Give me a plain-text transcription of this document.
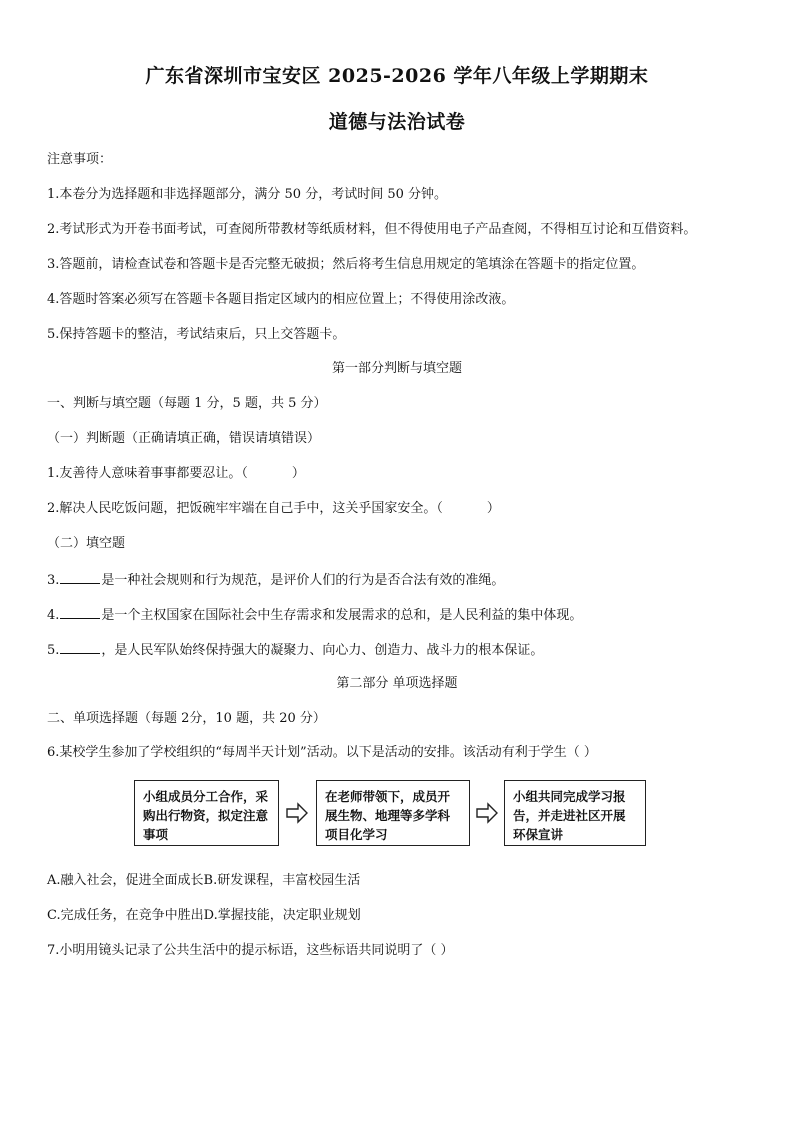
广东省深圳市宝安区 2025-2026 学年八年级上学期期末
道德与法治试卷
注意事项：
1.本卷分为选择题和非选择题部分，满分 50 分，考试时间 50 分钟。
2.考试形式为开卷书面考试，可查阅所带教材等纸质材料，但不得使用电子产品查阅，不得相互讨论和互借资料。
3.答题前，请检查试卷和答题卡是否完整无破损；然后将考生信息用规定的笔填涂在答题卡的指定位置。
4.答题时答案必须写在答题卡各题目指定区域内的相应位置上；不得使用涂改液。
5.保持答题卡的整洁，考试结束后，只上交答题卡。
第一部分判断与填空题
一、判断与填空题（每题 1 分，5 题，共 5 分）
（一）判断题（正确请填正确，错误请填错误）
1.友善待人意味着事事都要忍让。（	）
2.解决人民吃饭问题，把饭碗牢牢端在自己手中，这关乎国家安全。（	）
（二）填空题
3.	是一种社会规则和行为规范，是评价人们的行为是否合法有效的准绳。
4.	是一个主权国家在国际社会中生存需求和发展需求的总和，是人民利益的集中体现。
5.	，是人民军队始终保持强大的凝聚力、向心力、创造力、战斗力的根本保证。
第二部分 单项选择题
二、单项选择题（每题 2分，10 题，共 20 分）
6.某校学生参加了学校组织的“每周半天计划”活动。以下是活动的安排。该活动有利于学生（ ）
小组成员分工合作，采购出行物资，拟定注意事项
在老师带领下，成员开展生物、地理等多学科项目化学习
小组共同完成学习报告，并走进社区开展环保宣讲
A.融入社会，促进全面成长B.研发课程，丰富校园生活
C.完成任务，在竞争中胜出D.掌握技能，决定职业规划
7.小明用镜头记录了公共生活中的提示标语，这些标语共同说明了（ ）
